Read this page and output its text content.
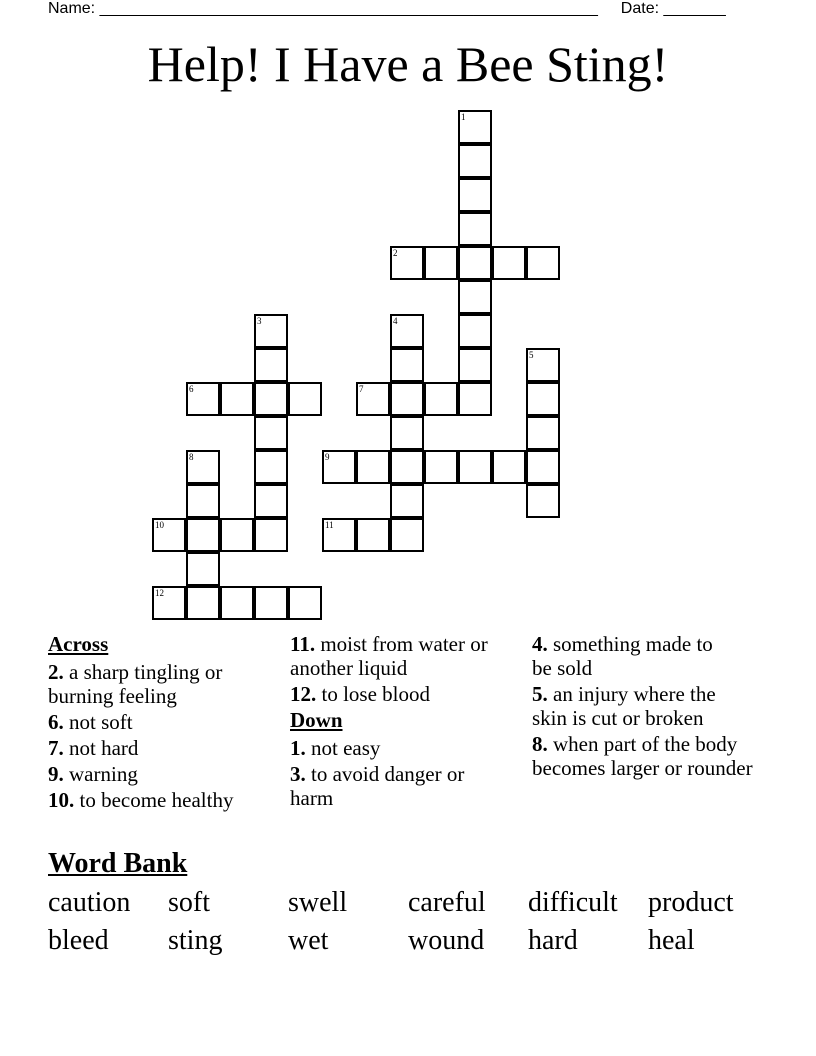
Name: ________________________________________________________ Date: _______
Help! I Have a Bee Sting!
1
2
3	4
5
6	7
8	9
10	11
12
Across
2. a sharp tingling or burning feeling
6. not soft
7. not hard
9. warning
10. to become healthy
11. moist from water or another liquid
12. to lose blood
Down
1. not easy
3. to avoid danger or harm
4. something made to be sold
5. an injury where the skin is cut or broken
8. when part of the body becomes larger or rounder
Word Bank
caution	soft	swell	careful	difficult	product
bleed	sting	wet	wound	hard	heal
